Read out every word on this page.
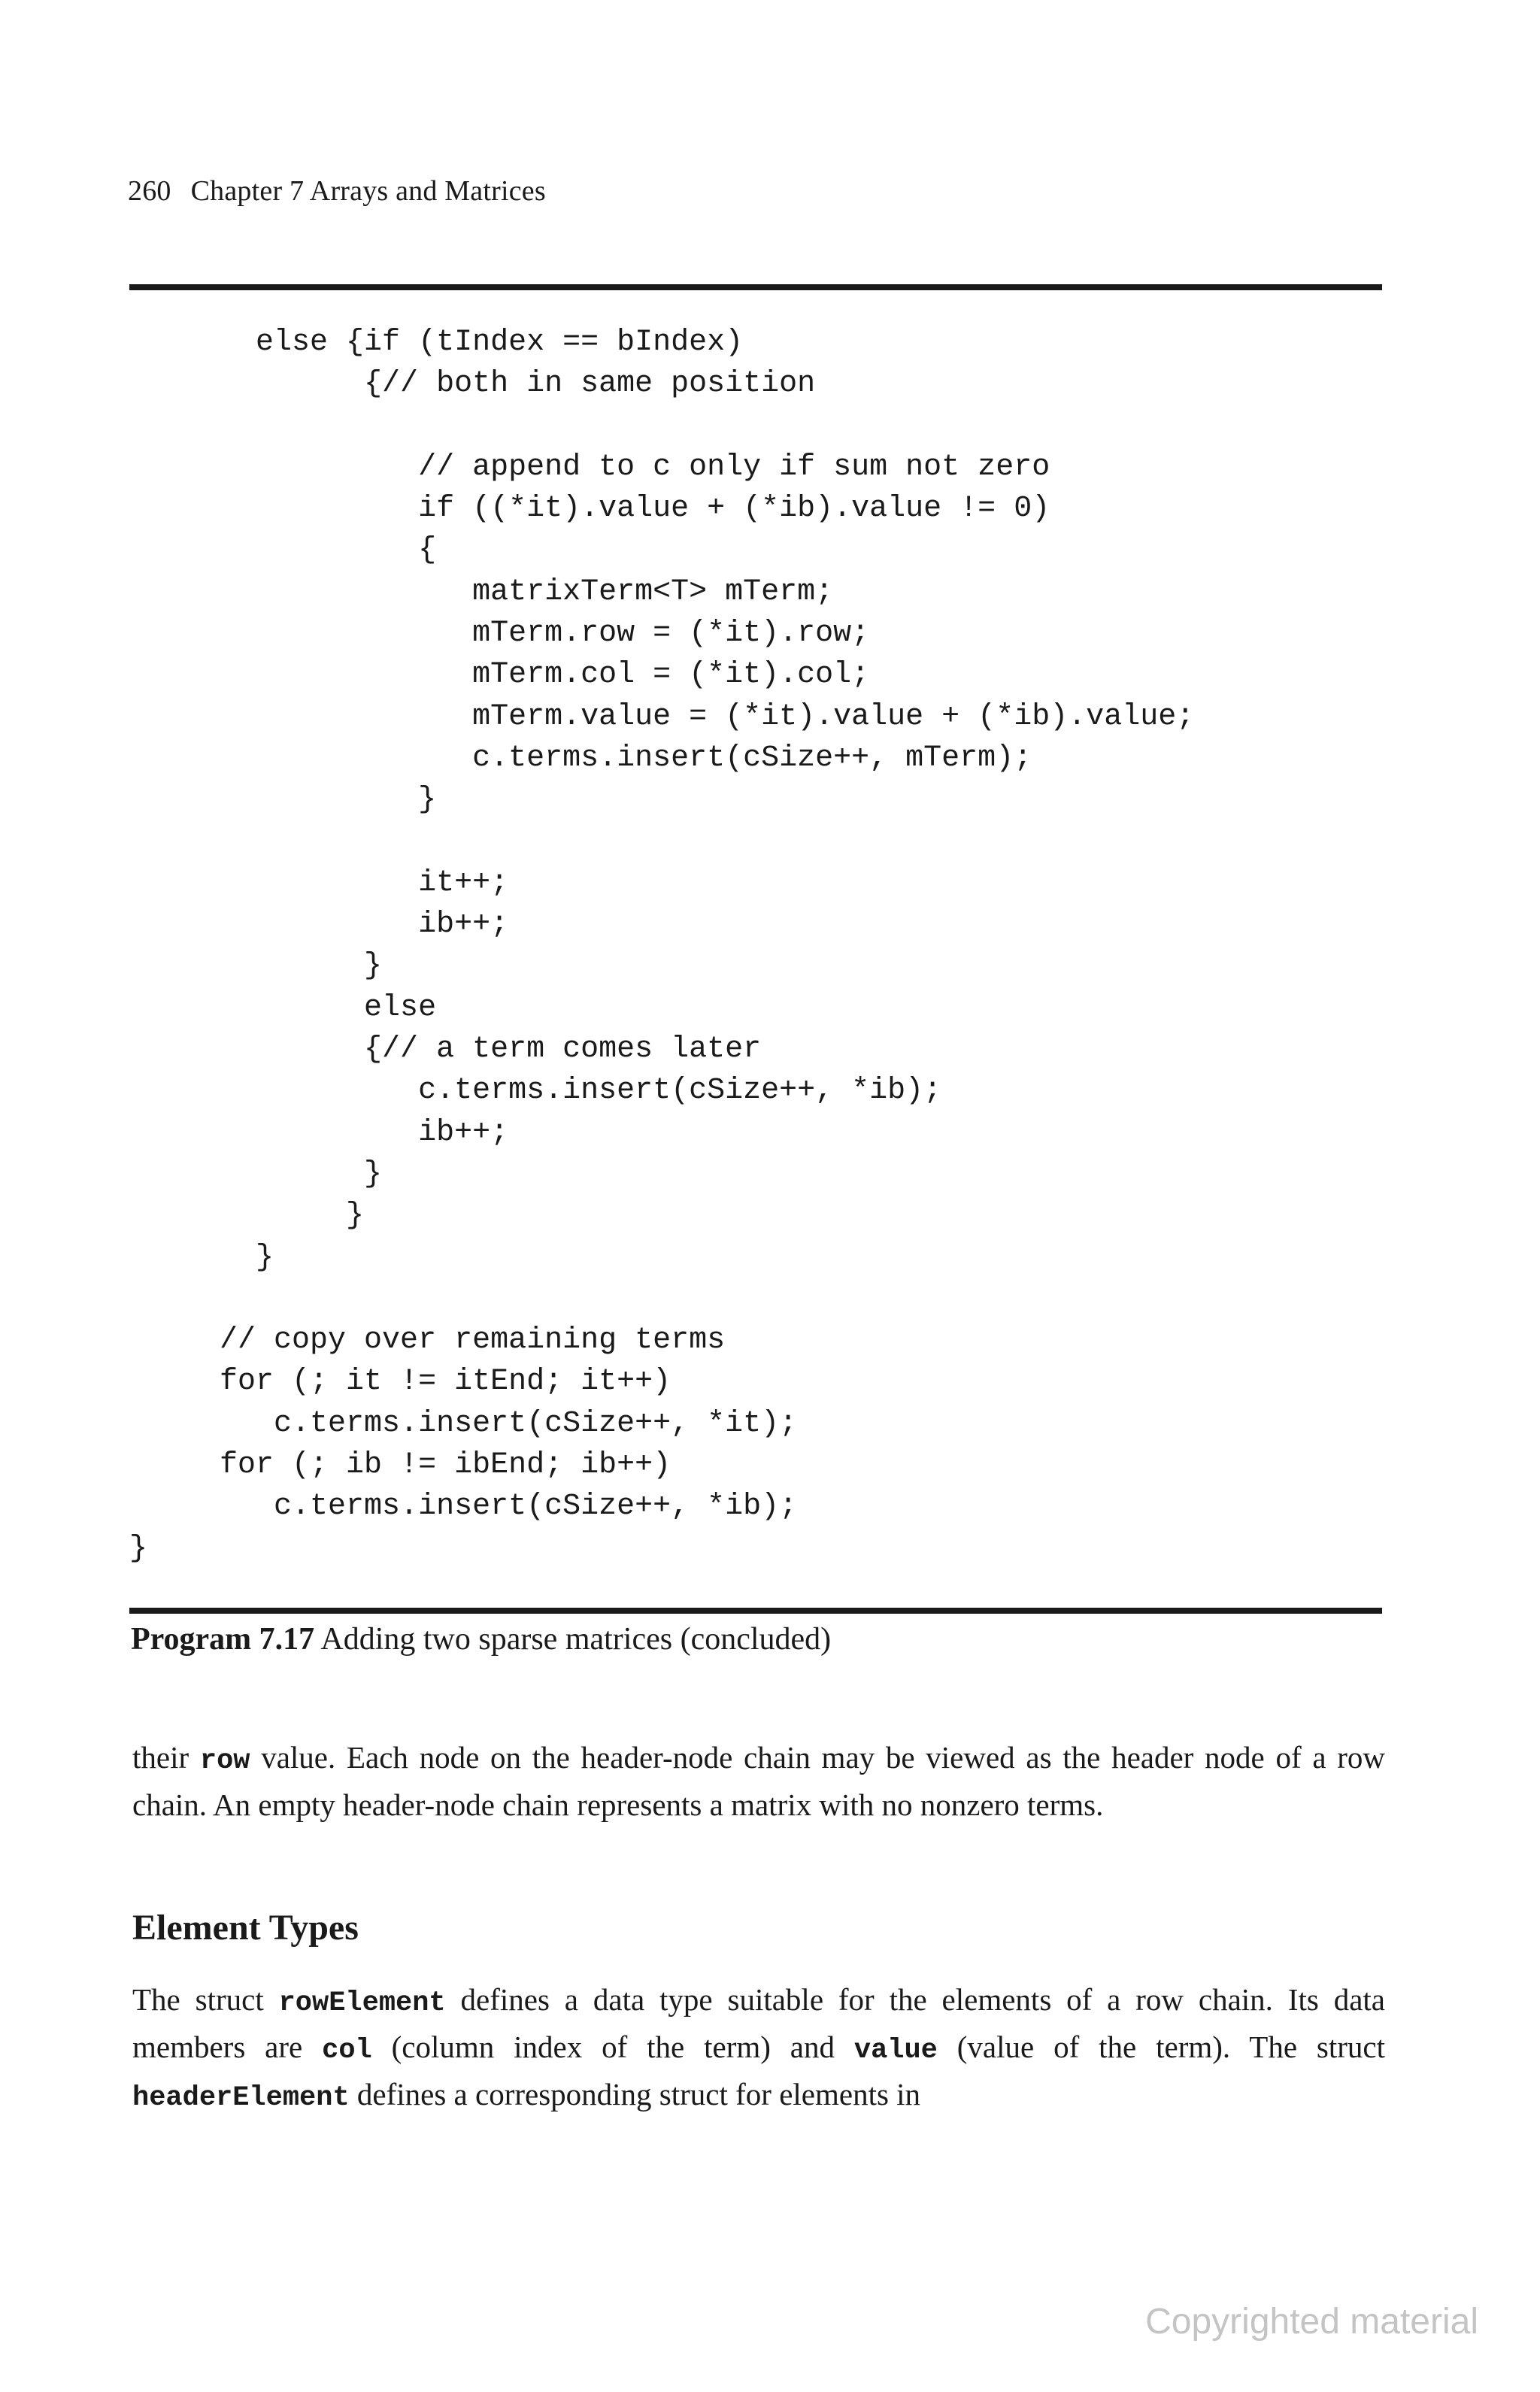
260 Chapter 7 Arrays and Matrices
else {if (tIndex == bIndex)
{// both in same position
// append to c only if sum not zero
if ((*it).value + (*ib).value != 0)
{
matrixTerm<T> mTerm;
mTerm.row = (*it).row;
mTerm.col = (*it).col;
mTerm.value = (*it).value + (*ib).value;
c.terms.insert(cSize++, mTerm);
}
it++;
ib++;
}
else
{// a term comes later
c.terms.insert(cSize++, *ib);
ib++;
}
}
}
// copy over remaining terms
for (; it != itEnd; it++)
c.terms.insert(cSize++, *it);
for (; ib != ibEnd; ib++)
c.terms.insert(cSize++, *ib);
}
Program 7.17 Adding two sparse matrices (concluded)
their row value. Each node on the header-node chain may be viewed as the header node of a row chain. An empty header-node chain represents a matrix with no nonzero terms.
Element Types
The struct rowElement defines a data type suitable for the elements of a row chain. Its data members are col (column index of the term) and value (value of the term). The struct headerElement defines a corresponding struct for elements in
Copyrighted material
